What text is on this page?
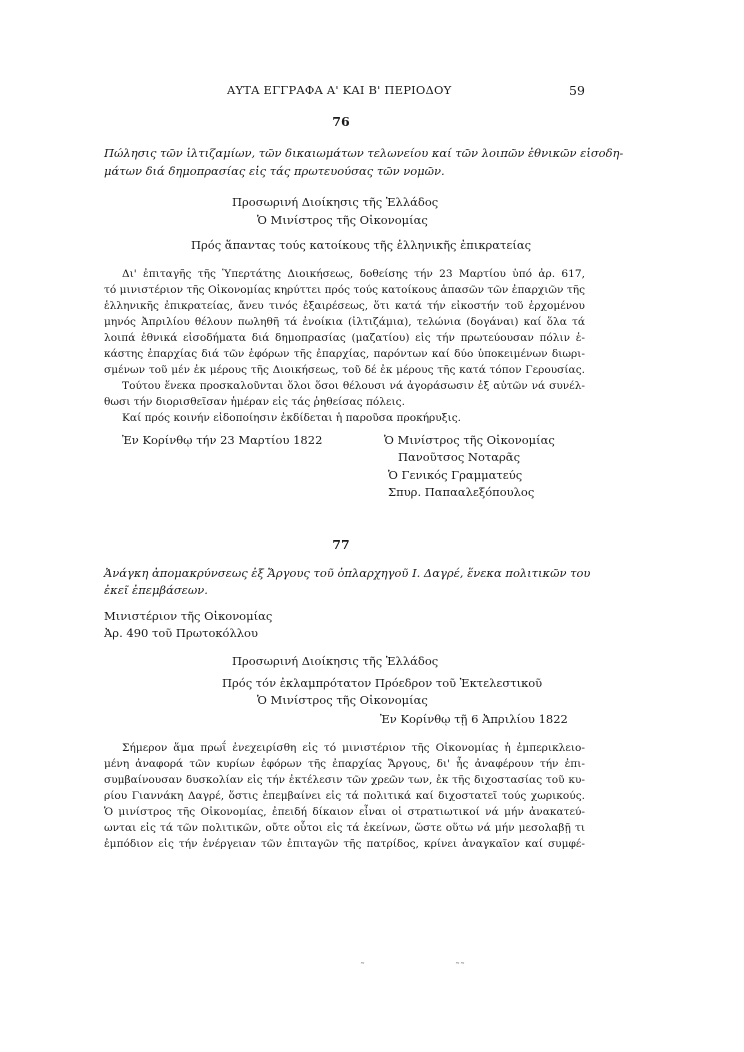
ΑΥΤΑ ΕΓΓΡΑΦΑ Α' ΚΑΙ Β' ΠΕΡΙΟΔΟΥ	59
76
Πώλησις τῶν ἰλτιζαμίων, τῶν δικαιωμάτων τελωνείου καί τῶν λοιπῶν ἐθνικῶν εἰσοδη-
μάτων διά δημοπρασίας εἰς τάς πρωτευούσας τῶν νομῶν.
Προσωρινή Διοίκησις τῆς Ἑλλάδος
Ὁ Μινίστρος τῆς Οἰκονομίας
Πρός ἅπαντας τούς κατοίκους τῆς ἑλληνικῆς ἐπικρατείας
Δι' ἐπιταγῆς τῆς Ὑπερτάτης Διοικήσεως, δοθείσης τήν 23 Μαρτίου ὑπό ἀρ. 617,
τό μινιστέριον τῆς Οἰκονομίας κηρύττει πρός τούς κατοίκους ἁπασῶν τῶν ἐπαρχιῶν τῆς
ἑλληνικῆς ἐπικρατείας, ἄνευ τινός ἐξαιρέσεως, ὅτι κατά τήν εἰκοστήν τοῦ ἐρχομένου
μηνός Ἀπριλίου θέλουν πωληθῆ τά ἐνοίκια (ἰλτιζάμια), τελώνια (δογάναι) καί ὅλα τά
λοιπά ἐθνικά εἰσοδήματα διά δημοπρασίας (μαζατίου) εἰς τήν πρωτεύουσαν πόλιν ἑ-
κάστης ἐπαρχίας διά τῶν ἐφόρων τῆς ἐπαρχίας, παρόντων καί δύο ὑποκειμένων διωρι-
σμένων τοῦ μέν ἐκ μέρους τῆς Διοικήσεως, τοῦ δέ ἐκ μέρους τῆς κατά τόπον Γερουσίας.
Τούτου ἕνεκα προσκαλοῦνται ὅλοι ὅσοι θέλουσι νά ἀγοράσωσιν ἐξ αὐτῶν νά συνέλ-
θωσι τήν διορισθεῖσαν ἡμέραν εἰς τάς ῥηθείσας πόλεις.
Καί πρός κοινήν εἰδοποίησιν ἐκδίδεται ἡ παροῦσα προκήρυξις.
Ἐν Κορίνθῳ τήν 23 Μαρτίου 1822	Ὁ Μινίστρος τῆς Οἰκονομίας
Πανοῦτσος Νοταρᾶς
Ὁ Γενικός Γραμματεύς
Σπυρ. Παπααλεξόπουλος
77
Ἀνάγκη ἀπομακρύνσεως ἐξ Ἄργους τοῦ ὁπλαρχηγοῦ Ι. Δαγρέ, ἕνεκα πολιτικῶν του
ἐκεῖ ἐπεμβάσεων.
Μινιστέριον τῆς Οἰκονομίας
Ἀρ. 490 τοῦ Πρωτοκόλλου
Προσωρινή Διοίκησις τῆς Ἑλλάδος
Πρός τόν ἐκλαμπρότατον Πρόεδρον τοῦ Ἐκτελεστικοῦ
Ὁ Μινίστρος τῆς Οἰκονομίας
Ἐν Κορίνθῳ τῇ 6 Ἀπριλίου 1822
Σήμερον ἅμα πρωΐ ἐνεχειρίσθη εἰς τό μινιστέριον τῆς Οἰκονομίας ἡ ἐμπερικλειο-
μένη ἀναφορά τῶν κυρίων ἐφόρων τῆς ἐπαρχίας Ἄργους, δι' ἧς ἀναφέρουν τήν ἐπι-
συμβαίνουσαν δυσκολίαν εἰς τήν ἐκτέλεσιν τῶν χρεῶν των, ἐκ τῆς διχοστασίας τοῦ κυ-
ρίου Γιαννάκη Δαγρέ, ὅστις ἐπεμβαίνει εἰς τά πολιτικά καί διχοστατεῖ τούς χωρικούς.
Ὁ μινίστρος τῆς Οἰκονομίας, ἐπειδή δίκαιον εἶναι οἱ στρατιωτικοί νά μήν ἀνακατεύ-
ωνται εἰς τά τῶν πολιτικῶν, οὔτε οὗτοι εἰς τά ἐκείνων, ὥστε οὕτω νά μήν μεσολαβῇ τι
ἐμπόδιον εἰς τήν ἐνέργειαν τῶν ἐπιταγῶν τῆς πατρίδος, κρίνει ἀναγκαῖον καί συμφέ-
˜˜
˜
